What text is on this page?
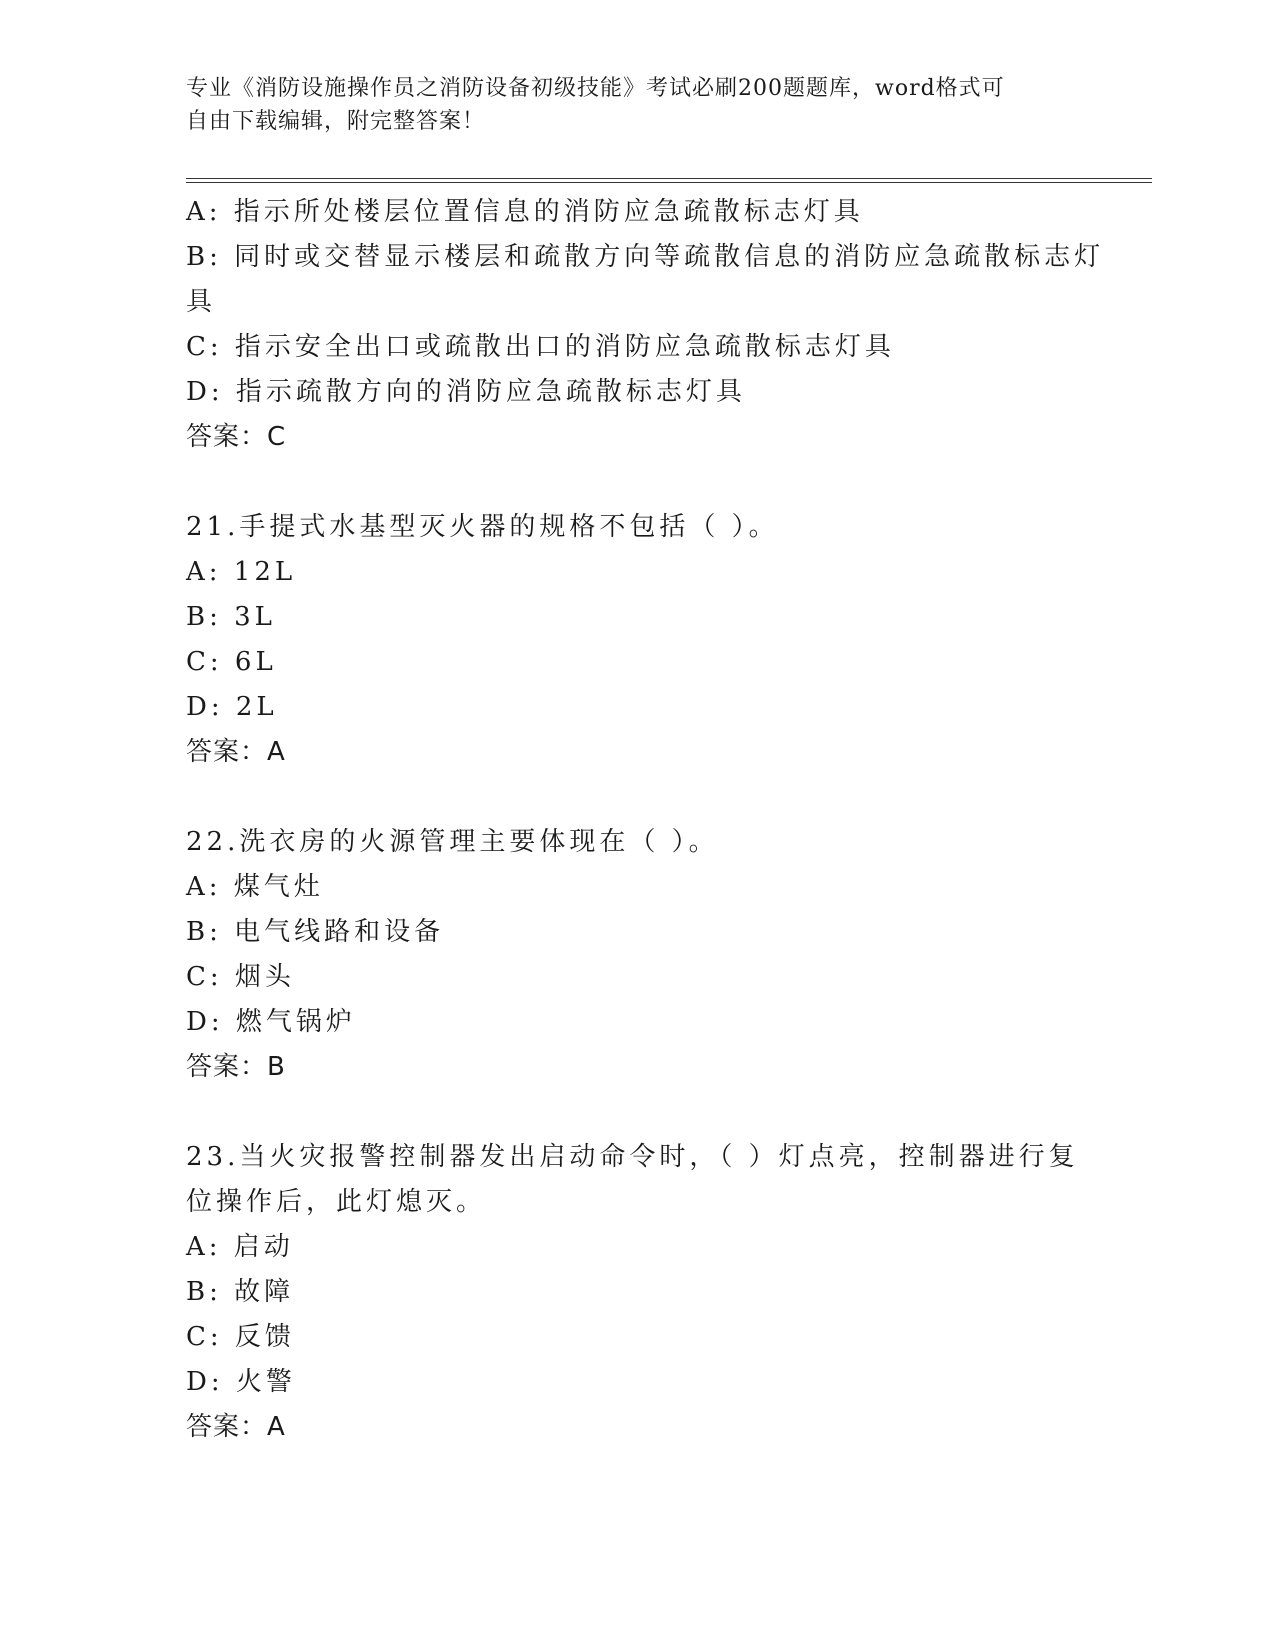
专业《消防设施操作员之消防设备初级技能》考试必刷200题题库，word格式可
自由下载编辑，附完整答案！
A: 指示所处楼层位置信息的消防应急疏散标志灯具
B: 同时或交替显示楼层和疏散方向等疏散信息的消防应急疏散标志灯
具
C: 指示安全出口或疏散出口的消防应急疏散标志灯具
D: 指示疏散方向的消防应急疏散标志灯具
答案：C
21.手提式水基型灭火器的规格不包括（ ）。
A: 12L
B: 3L
C: 6L
D: 2L
答案：A
22.洗衣房的火源管理主要体现在（ ）。
A: 煤气灶
B: 电气线路和设备
C: 烟头
D: 燃气锅炉
答案：B
23.当火灾报警控制器发出启动命令时，（ ）灯点亮，控制器进行复
位操作后，此灯熄灭。
A: 启动
B: 故障
C: 反馈
D: 火警
答案：A
